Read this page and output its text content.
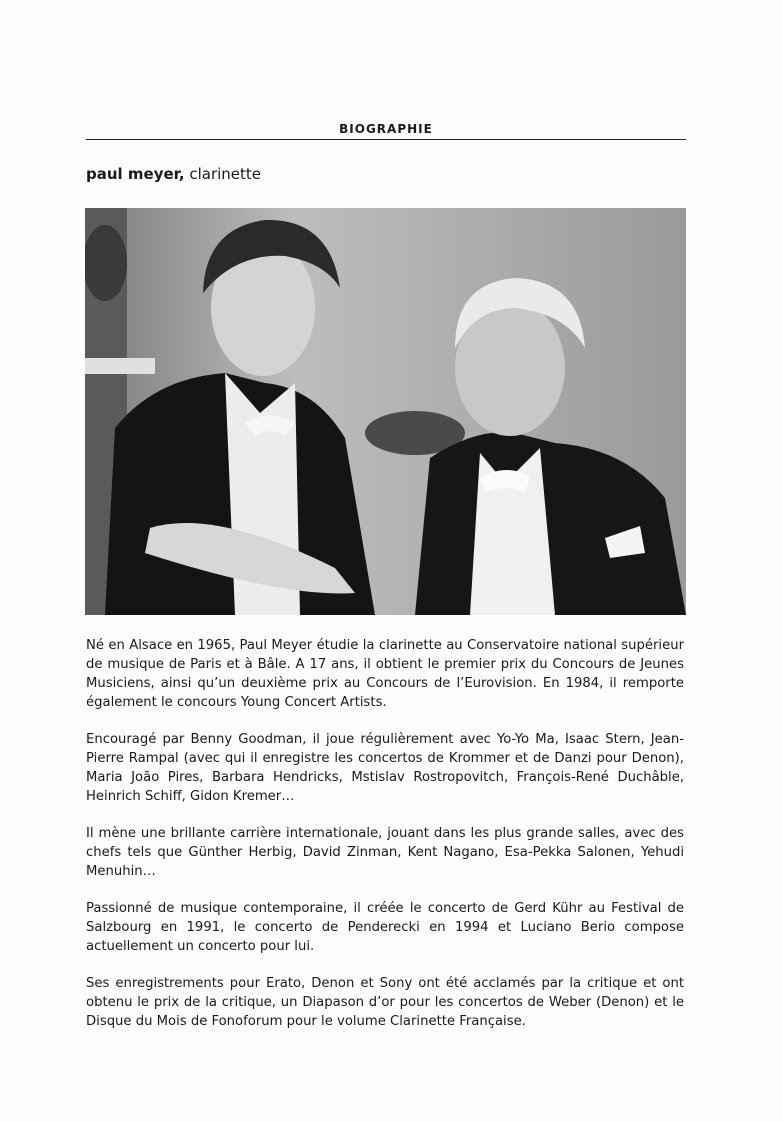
BIOGRAPHIE
paul meyer, clarinette

Né en Alsace en 1965, Paul Meyer étudie la clarinette au Conservatoire national supérieur de musique de Paris et à Bâle. A 17 ans, il obtient le premier prix du Concours de Jeunes Musiciens, ainsi qu’un deuxième prix au Concours de l’Eurovision. En 1984, il remporte également le concours Young Concert Artists.

Encouragé par Benny Goodman, il joue régulièrement avec Yo-Yo Ma, Isaac Stern, Jean-Pierre Rampal (avec qui il enregistre les concertos de Krommer et de Danzi pour Denon), Maria João Pires, Barbara Hendricks, Mstislav Rostropovitch, François-René Duchâble, Heinrich Schiff, Gidon Kremer…

Il mène une brillante carrière internationale, jouant dans les plus grande salles, avec des chefs tels que Günther Herbig, David Zinman, Kent Nagano, Esa-Pekka Salonen, Yehudi Menuhin…

Passionné de musique contemporaine, il créée le concerto de Gerd Kühr au Festival de Salzbourg en 1991, le concerto de Penderecki en 1994 et Luciano Berio compose actuellement un concerto pour lui.

Ses enregistrements pour Erato, Denon et Sony ont été acclamés par la critique et ont obtenu le prix de la critique, un Diapason d’or pour les concertos de Weber (Denon) et le Disque du Mois de Fonoforum pour le volume Clarinette Française.
